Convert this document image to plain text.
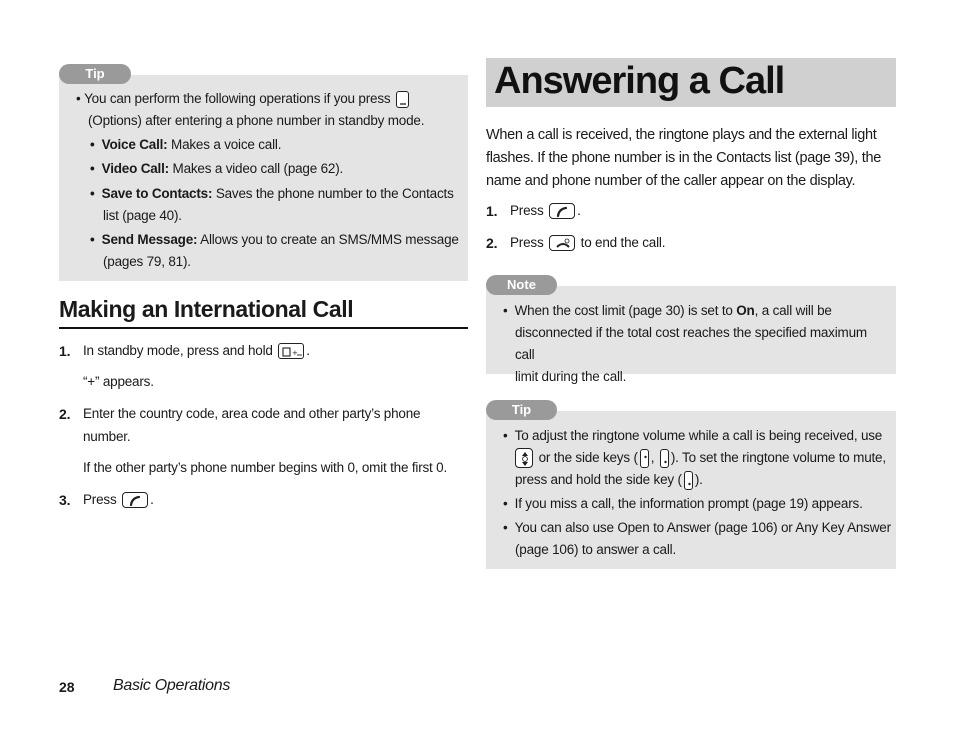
Tip
• You can perform the following operations if you press
(Options) after entering a phone number in standby mode.
• Voice Call: Makes a voice call.
• Video Call: Makes a video call (page 62).
• Save to Contacts: Saves the phone number to the Contacts
list (page 40).
• Send Message: Allows you to create an SMS/MMS message
(pages 79, 81).
Making an International Call
1. In standby mode, press and hold	+ .
“+” appears.
2. Enter the country code, area code and other party’s phone
number.
If the other party’s phone number begins with 0, omit the first 0.
3. Press .
Answering a Call
When a call is received, the ringtone plays and the external light
flashes. If the phone number is in the Contacts list (page 39), the
name and phone number of the caller appear on the display.
1. Press .
2. Press	to end the call.
Note
•  When the cost limit (page 30) is set to On, a call will be
disconnected if the total cost reaches the specified maximum call
limit during the call.
Tip
•  To adjust the ringtone volume while a call is being received, use
or the side keys ( , ). To set the ringtone volume to mute,
press and hold the side key ( ).
•  If you miss a call, the information prompt (page 19) appears.
•  You can also use Open to Answer (page 106) or Any Key Answer
(page 106) to answer a call.
28 Basic Operations
